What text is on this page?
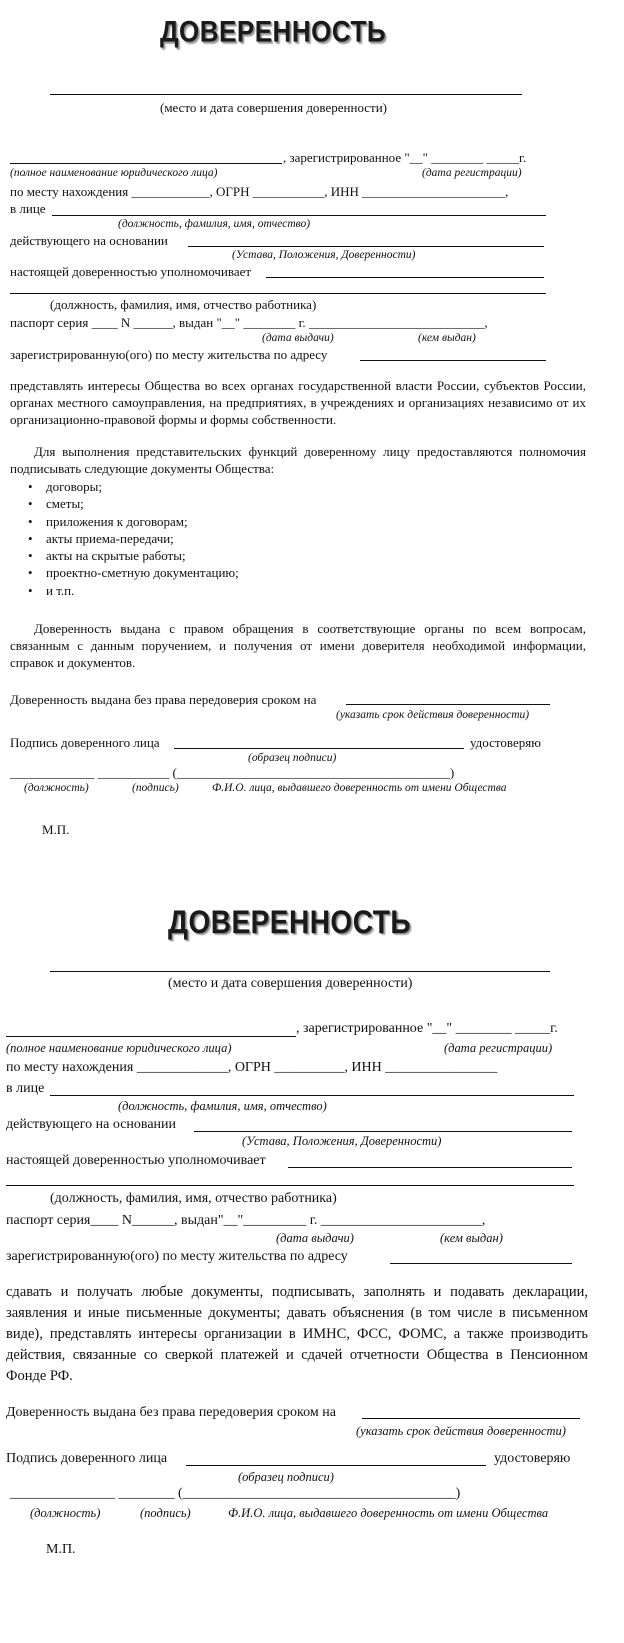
ДОВЕРЕННОСТЬ
(место и дата совершения доверенности)
, зарегистрированное "__" ________ _____г.
(полное наименование юридического лица)	(дата регистрации)
по месту нахождения ____________, ОГРН ___________, ИНН ______________________,
в лице
(должность, фамилия, имя, отчество)
действующего на основании
(Устава, Положения, Доверенности)
настоящей доверенностью уполномочивает
(должность, фамилия, имя, отчество работника)
паспорт серия ____ N ______, выдан "__" ________ г. ___________________________,
(дата выдачи)	(кем выдан)
зарегистрированную(ого) по месту жительства по адресу
представлять интересы Общества во всех органах государственной власти России, субъектов России, органах местного самоуправления, на предприятиях, в учреждениях и организациях независимо от их организационно-правовой формы и формы собственности.
Для выполнения представительских функций доверенному лицу предоставляются полномочия подписывать следующие документы Общества:
• договоры;
• сметы;
• приложения к договорам;
• акты приема-передачи;
• акты на скрытые работы;
• проектно-сметную документацию;
• и т.п.
Доверенность выдана с правом обращения в соответствующие органы по всем вопросам, связанным с данным поручением, и получения от имени доверителя необходимой информации, справок и документов.
Доверенность выдана без права передоверия сроком на
(указать срок действия доверенности)
Подпись доверенного лица	удостоверяю
(образец подписи)
_____________ ___________ (__________________________________________)
(должность)	(подпись)	Ф.И.О. лица, выдавшего доверенность от имени Общества
М.П.
ДОВЕРЕННОСТЬ
(место и дата совершения доверенности)
, зарегистрированное "__" ________ _____г.
(полное наименование юридического лица)	(дата регистрации)
по месту нахождения _____________, ОГРН __________, ИНН ________________
в лице
(должность, фамилия, имя, отчество)
действующего на основании
(Устава, Положения, Доверенности)
настоящей доверенностью уполномочивает
(должность, фамилия, имя, отчество работника)
паспорт серия____ N______, выдан"__"_________ г. _______________________,
(дата выдачи)	(кем выдан)
зарегистрированную(ого) по месту жительства по адресу
сдавать и получать любые документы, подписывать, заполнять и подавать декларации, заявления и иные письменные документы; давать объяснения (в том числе в письменном виде), представлять интересы организации в ИМНС, ФСС, ФОМС, а также производить действия, связанные со сверкой платежей и сдачей отчетности Общества в Пенсионном Фонде РФ.
Доверенность выдана без права передоверия сроком на
(указать срок действия доверенности)
Подпись доверенного лица	удостоверяю
(образец подписи)
_______________ ________ (_______________________________________)
(должность)	(подпись)	Ф.И.О. лица, выдавшего доверенность от имени Общества
М.П.
